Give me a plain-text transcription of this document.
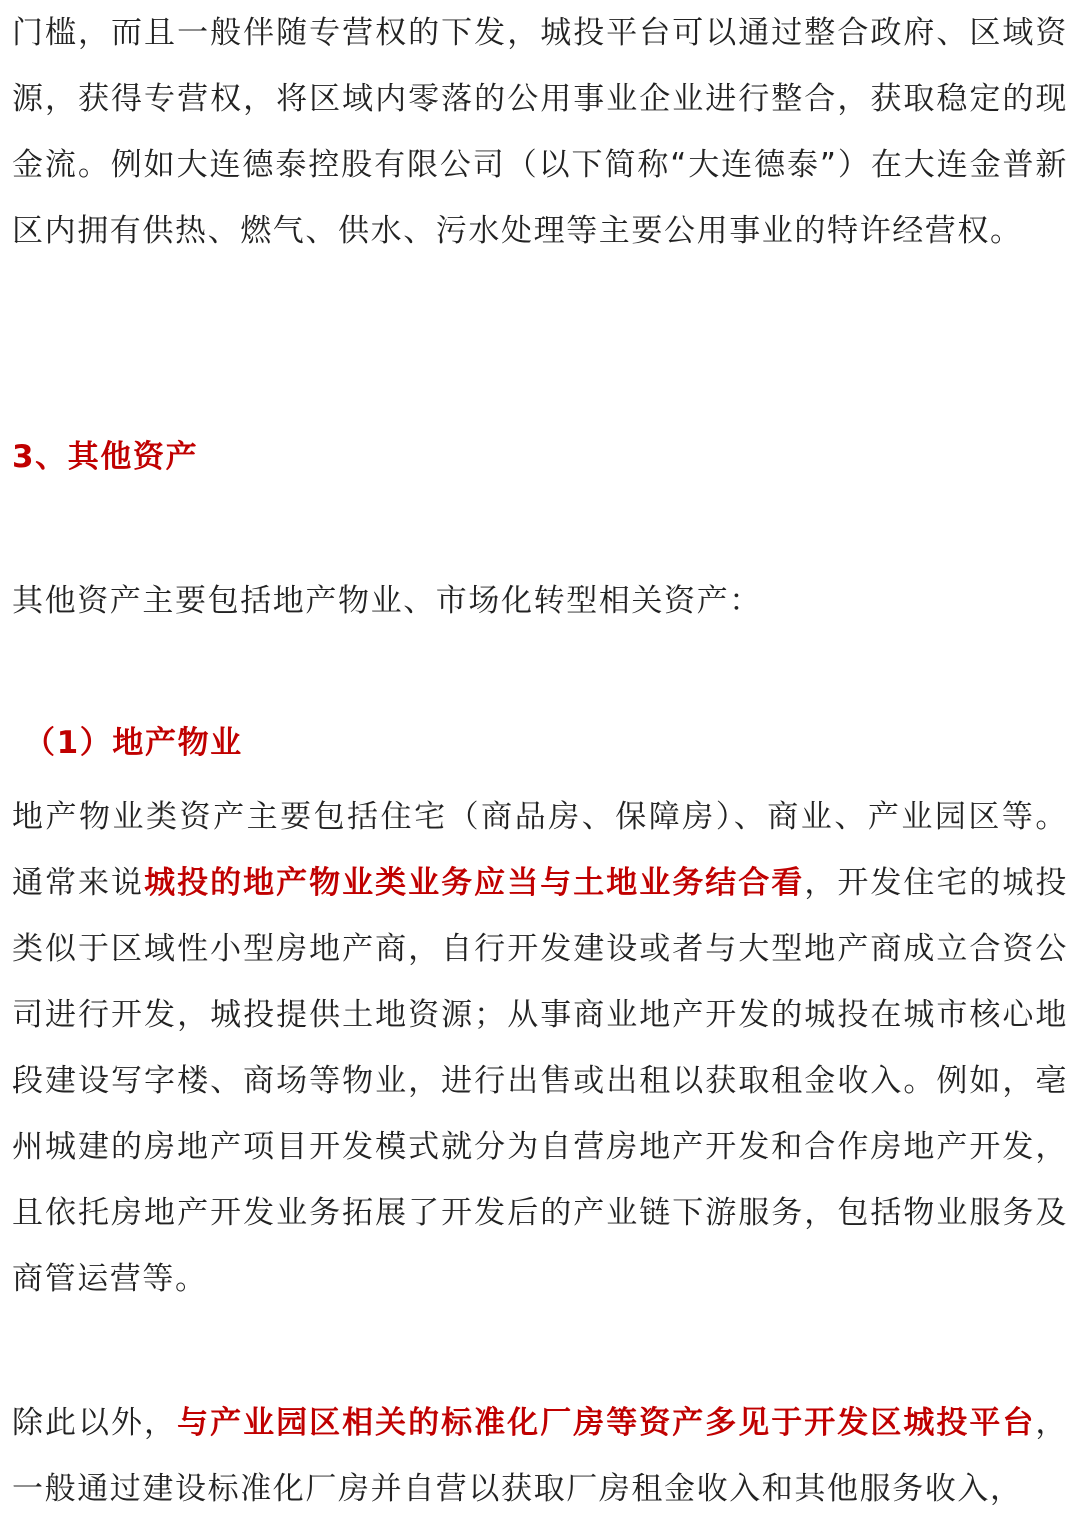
门槛，而且一般伴随专营权的下发，城投平台可以通过整合政府、区域资源，获得专营权，将区域内零落的公用事业企业进行整合，获取稳定的现金流。例如大连德泰控股有限公司（以下简称“大连德泰”）在大连金普新区内拥有供热、燃气、供水、污水处理等主要公用事业的特许经营权。

3、其他资产

其他资产主要包括地产物业、市场化转型相关资产：

（1）地产物业

地产物业类资产主要包括住宅（商品房、保障房）、商业、产业园区等。通常来说城投的地产物业类业务应当与土地业务结合看，开发住宅的城投类似于区域性小型房地产商，自行开发建设或者与大型地产商成立合资公司进行开发，城投提供土地资源；从事商业地产开发的城投在城市核心地段建设写字楼、商场等物业，进行出售或出租以获取租金收入。例如，亳州城建的房地产项目开发模式就分为自营房地产开发和合作房地产开发，且依托房地产开发业务拓展了开发后的产业链下游服务，包括物业服务及商管运营等。

除此以外，与产业园区相关的标准化厂房等资产多见于开发区城投平台，一般通过建设标准化厂房并自营以获取厂房租金收入和其他服务收入，
